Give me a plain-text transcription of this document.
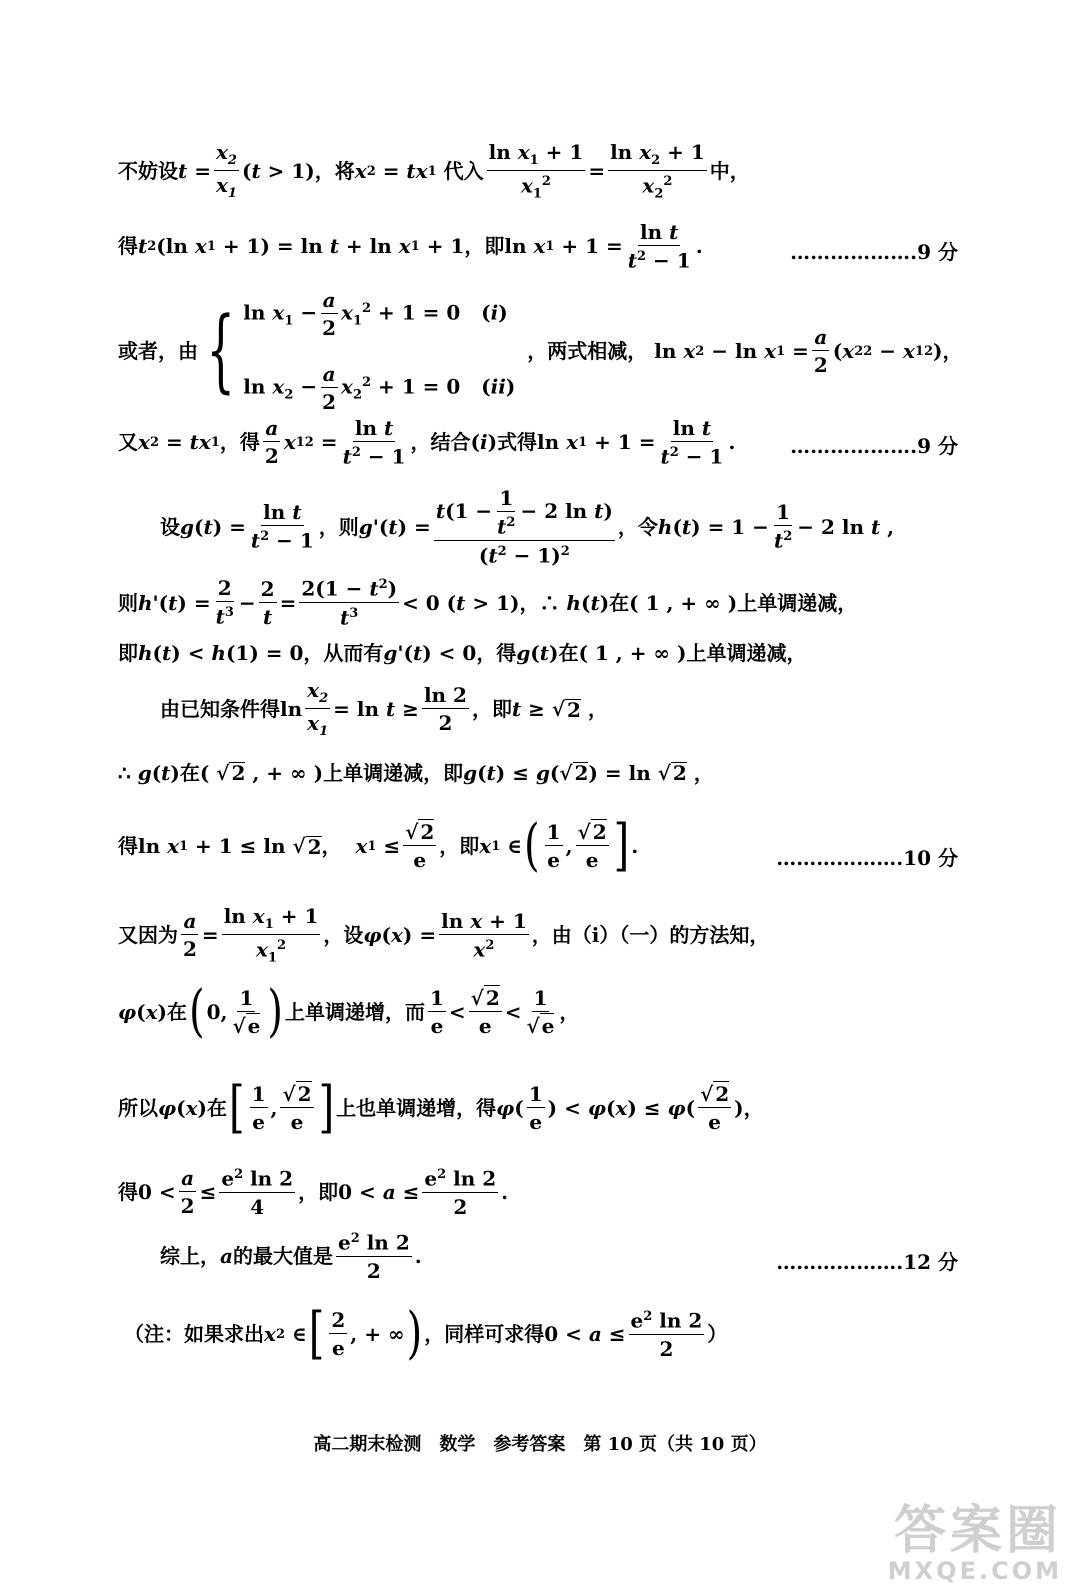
不妨设 $t = \frac{x_2}{x_1}$ ( t > 1) ，将 x 2 = tx 1
代入 $\frac{\ln x_1 + 1}{x_1^2} = \frac{\ln x_2 + 1}{x_2^2}$ 中，
得 t 2 (ln x 1 + 1) = ln t + ln x 1 + 1 ，即 ln x $1 + 1 = \frac{\text{ln t}}{t^2 - 1}$ .	……………….9 分
或者，由 { $\ln x_1 - \frac{a}{2} x_1^2 + 1 = 0$   (i)
$\ln x_2 - \frac{a}{2} x_2^2 + 1 = 0$   (ii)
，两式相减， ln x 2 − ln x $1 = \frac{a}{2}$ ( x 2 2 − x 1 2 )，
又 x 2 = tx 1 ，得 $\frac{a}{2}$ x 1 $2 = \frac{\text{ln t}}{t^2 - 1}$ ，结合 ( i ) 式得 ln x $1 + 1 = \frac{\text{ln t}}{t^2 - 1}$ .	……………….9 分
设 g ( t ) = $\frac{\text{ln t}}{t^2 - 1}$ ，则 g '( t ) = $\frac{t(1 - \frac{1}{t^2} - 2 \ln t)}{(t^2 - 1)^2}$ ，令 h ( t ) = $1 - \frac{1}{t^2} - 2$ ln t ,
则 h '( t ) = $\frac{2}{t^3} - \frac{2}{t} = \frac{2(1 - t^2)}{t^3} < 0$ ( t > 1) ，∴
h ( t ) 在 ( 1 , + ∞ ) 上单调递减，
即 h ( t ) < h (1) = 0 ，从而有 g '( t ) < 0 ，得 g ( t ) 在 ( 1 , + ∞ ) 上单调递减，
由已知条件得 $\ln \frac{x_2}{x_1} = \ln t \ge \frac{\ln 2}{2}$ ，即 t ≥ √ 2 ，
∴
g ( t ) 在 ( √ 2 , + ∞ ) 上单调递减，即 g ( t ) ≤ g (√ 2 ) = ln √ 2 ，
得 ln x 1 + 1 ≤ ln √ 2 ，
x $1 \le \frac{√ 2}{e}$ ，即 x 1 ∈ ( $\frac{1}{e}$ , $\frac{√ 2}{e}$ ] .	……………….10 分
又因为 $\frac{a}{2} = \frac{\ln x_1 + 1}{x_1^2}$ ，设 φ ( x ) = $\frac{\text{ln x + 1}}{x^2}$ ，由（i）（一）的方法知，
φ ( x ) 在 ( 0, $\frac{1}{√ e}$ ) 上单调递增，而 $\frac{1}{e} < \frac{√ 2}{e} < \frac{1}{√ e}$ ，
所以 φ ( x ) 在 [ $\frac{1}{e}$ , $\frac{√ 2}{e}$ ] 上也单调递增，得 φ ( $\frac{1}{e}$ ) < φ ( x ) ≤ φ ( $\frac{√ 2}{e}$ )，
得 $0 < \frac{a}{2} \le \frac{e^2 \ln 2}{4}$ ，即 $0 < a \le \frac{e^2 \ln 2}{2}$ .
综上， a 的最大值是 $\frac{e^2 \ln 2}{2}$ .	……………….12 分
（注：如果求出 x 2 ∈ [ $\frac{2}{e}$ , + ∞ ) ，同样可求得 $0 < a \le \frac{e^2 \ln 2}{2}$ ）
高二期末检测　数学　参考答案　第 10 页（共 10 页）
答案圈
MXQE.COM
